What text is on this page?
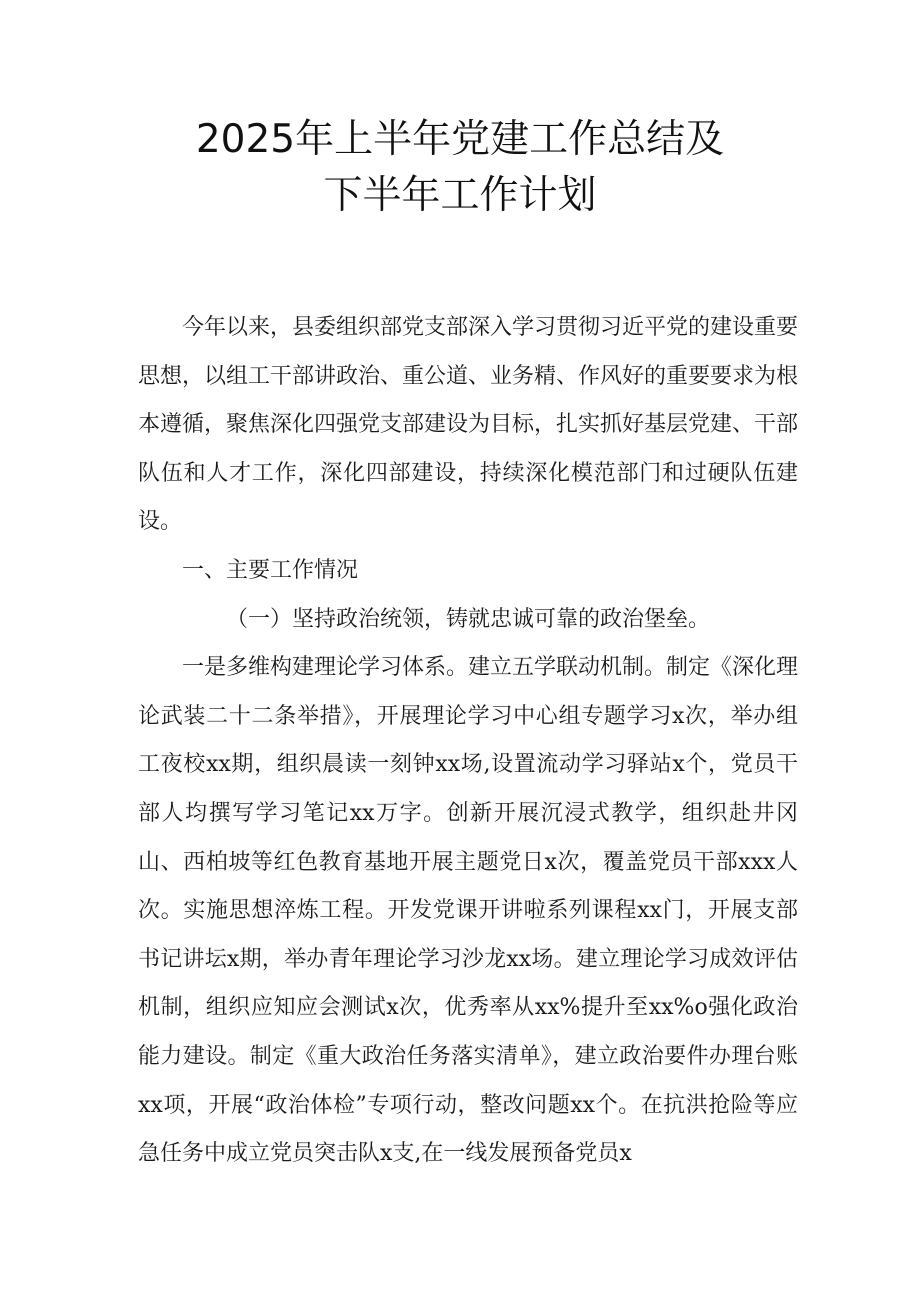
2025年上半年党建工作总结及
下半年工作计划

今年以来，县委组织部党支部深入学习贯彻习近平党的建设重要思想，以组工干部讲政治、重公道、业务精、作风好的重要要求为根本遵循，聚焦深化四强党支部建设为目标，扎实抓好基层党建、干部队伍和人才工作，深化四部建设，持续深化模范部门和过硬队伍建设。

一、主要工作情况

（一）坚持政治统领，铸就忠诚可靠的政治堡垒。

一是多维构建理论学习体系。建立五学联动机制。制定《深化理论武装二十二条举措》，开展理论学习中心组专题学习x次，举办组工夜校xx期，组织晨读一刻钟xx场,设置流动学习驿站x个，党员干部人均撰写学习笔记xx万字。创新开展沉浸式教学，组织赴井冈山、西柏坡等红色教育基地开展主题党日x次，覆盖党员干部xxx人次。实施思想淬炼工程。开发党课开讲啦系列课程xx门，开展支部书记讲坛x期，举办青年理论学习沙龙xx场。建立理论学习成效评估机制，组织应知应会测试x次，优秀率从xx%提升至xx%o强化政治能力建设。制定《重大政治任务落实清单》，建立政治要件办理台账xx项，开展“政治体检”专项行动，整改问题xx个。在抗洪抢险等应急任务中成立党员突击队x支,在一线发展预备党员x
